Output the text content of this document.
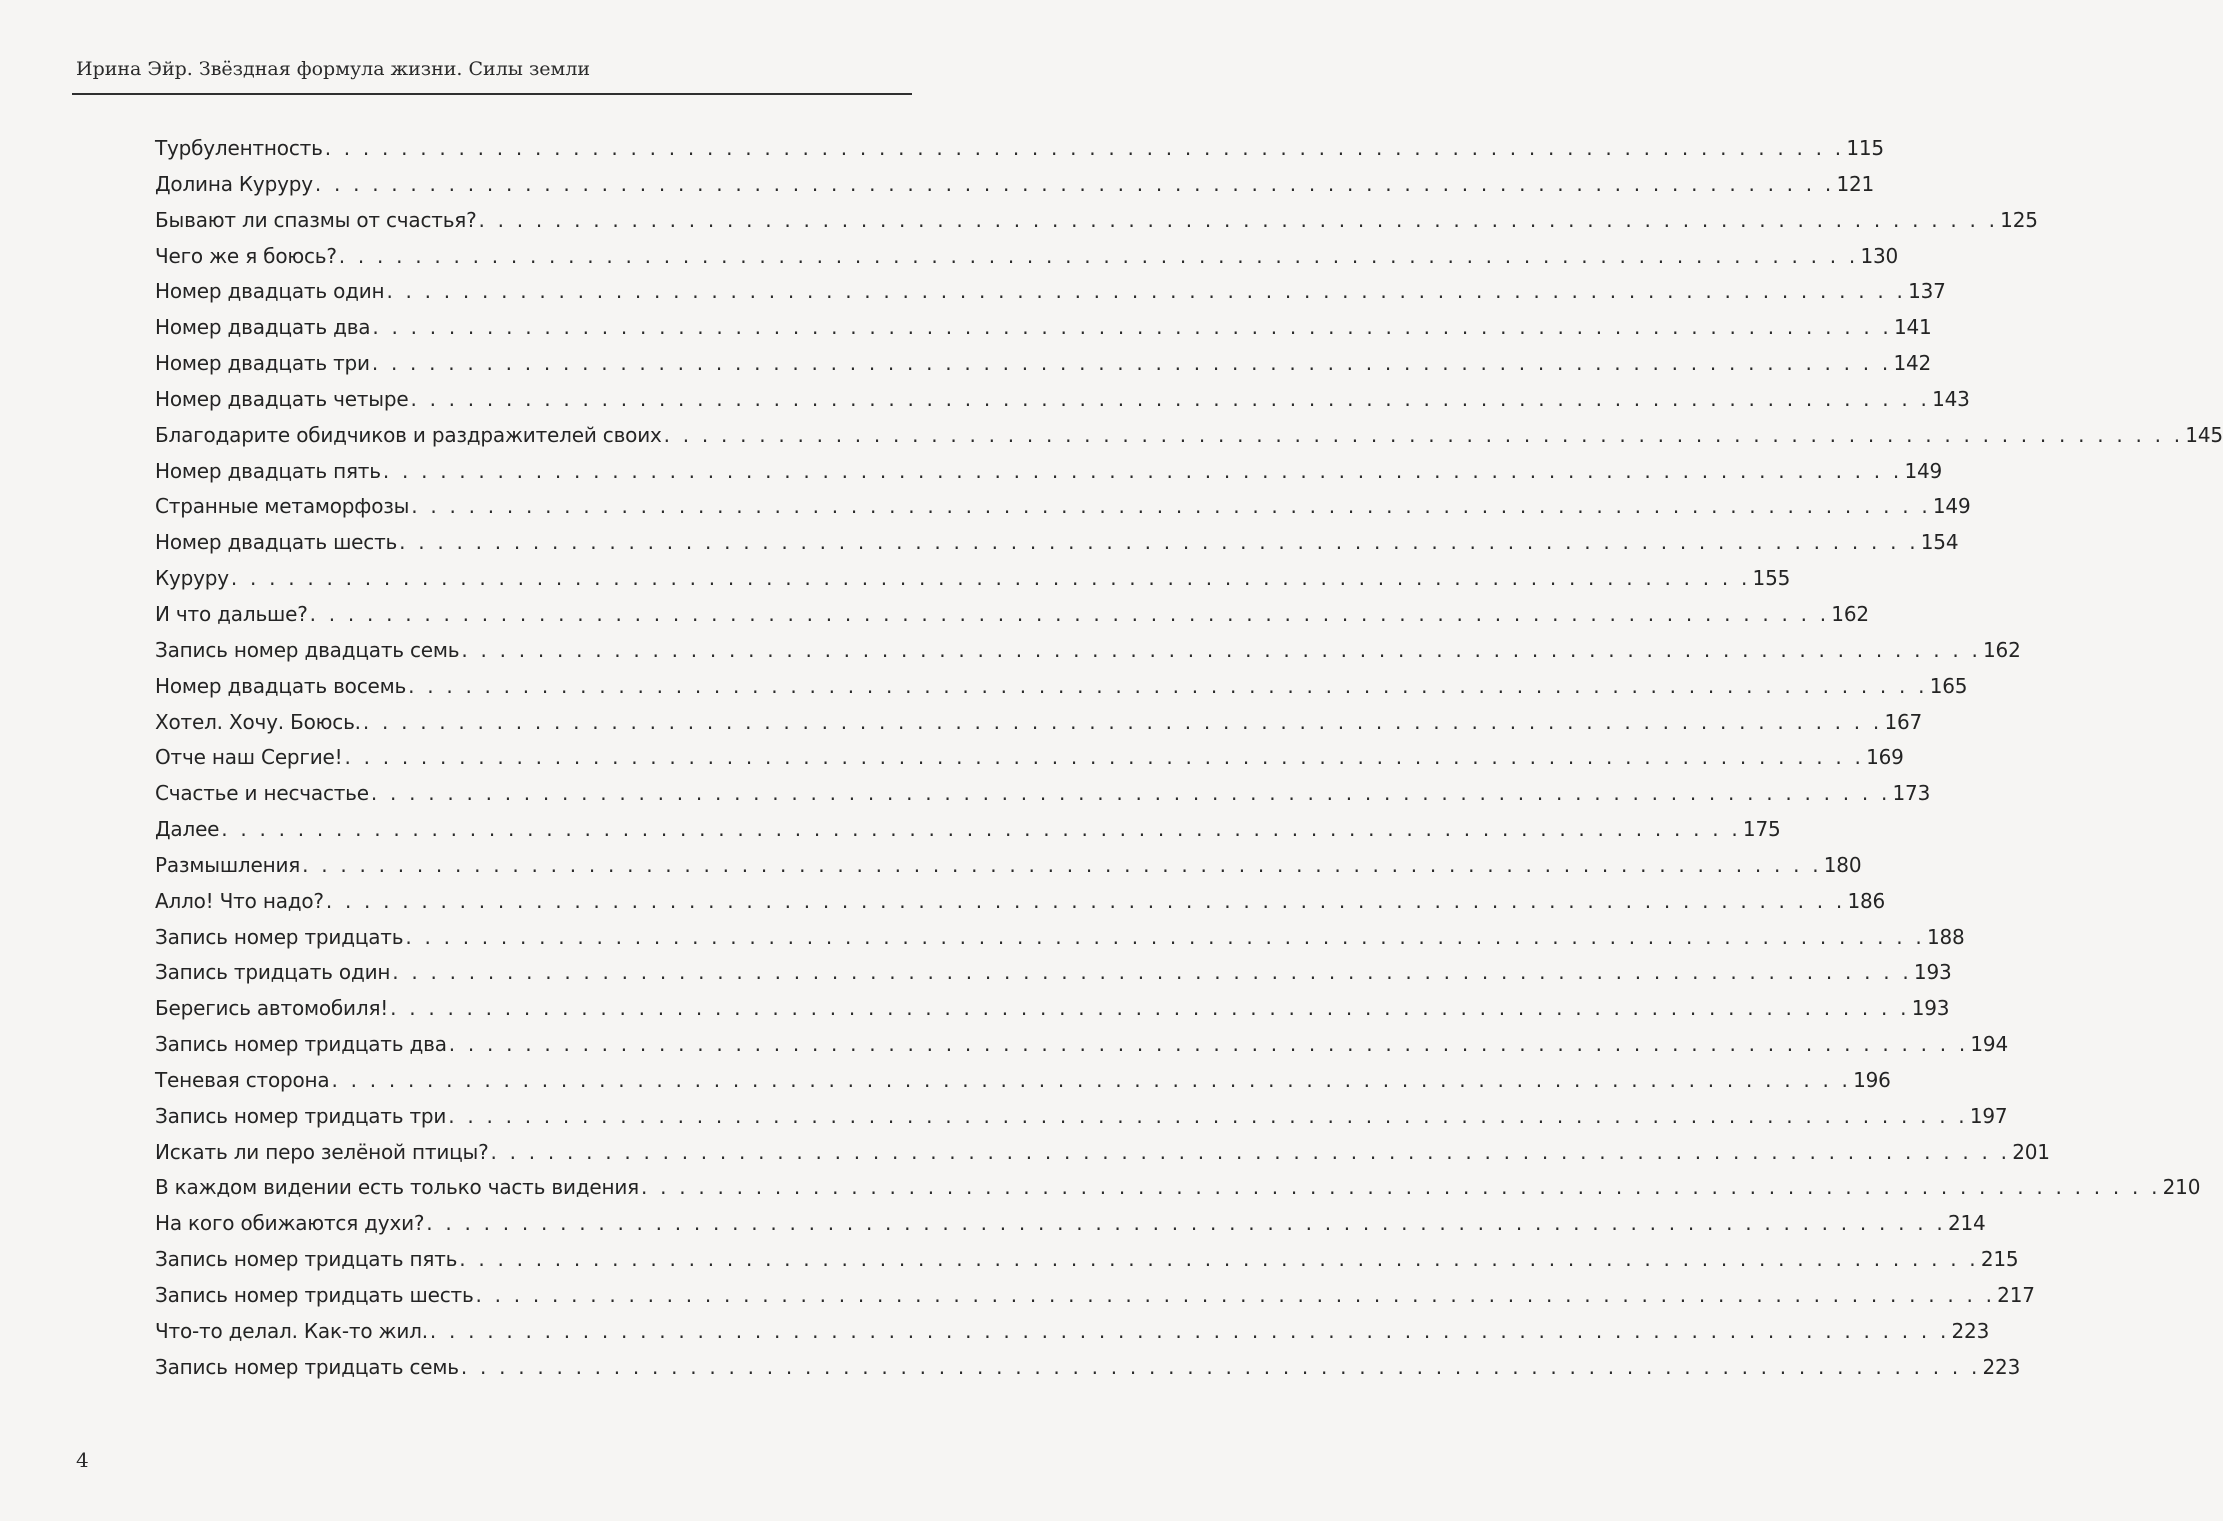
Ирина Эйр. Звёздная формула жизни. Силы земли
Турбулентность . . . . . . . . . . . . . . . . . . . . . . . . . . . . . . . . . . . . . . . . . . . . . . . . . . . . . . . . . . . . . . . . . . . . . . . . . . . . . . . . 115
Долина Куруру . . . . . . . . . . . . . . . . . . . . . . . . . . . . . . . . . . . . . . . . . . . . . . . . . . . . . . . . . . . . . . . . . . . . . . . . . . . . . . . . 121
Бывают ли спазмы от счастья? . . . . . . . . . . . . . . . . . . . . . . . . . . . . . . . . . . . . . . . . . . . . . . . . . . . . . . . . . . . . . . . . . . . . . . . . . . . . . . . . 125
Чего же я боюсь? . . . . . . . . . . . . . . . . . . . . . . . . . . . . . . . . . . . . . . . . . . . . . . . . . . . . . . . . . . . . . . . . . . . . . . . . . . . . . . . . 130
Номер двадцать один . . . . . . . . . . . . . . . . . . . . . . . . . . . . . . . . . . . . . . . . . . . . . . . . . . . . . . . . . . . . . . . . . . . . . . . . . . . . . . . . 137
Номер двадцать два . . . . . . . . . . . . . . . . . . . . . . . . . . . . . . . . . . . . . . . . . . . . . . . . . . . . . . . . . . . . . . . . . . . . . . . . . . . . . . . . 141
Номер двадцать три . . . . . . . . . . . . . . . . . . . . . . . . . . . . . . . . . . . . . . . . . . . . . . . . . . . . . . . . . . . . . . . . . . . . . . . . . . . . . . . . 142
Номер двадцать четыре . . . . . . . . . . . . . . . . . . . . . . . . . . . . . . . . . . . . . . . . . . . . . . . . . . . . . . . . . . . . . . . . . . . . . . . . . . . . . . . . 143
Благодарите обидчиков и раздражителей своих . . . . . . . . . . . . . . . . . . . . . . . . . . . . . . . . . . . . . . . . . . . . . . . . . . . . . . . . . . . . . . . . . . . . . . . . . . . . . . . . 145
Номер двадцать пять . . . . . . . . . . . . . . . . . . . . . . . . . . . . . . . . . . . . . . . . . . . . . . . . . . . . . . . . . . . . . . . . . . . . . . . . . . . . . . . . 149
Странные метаморфозы . . . . . . . . . . . . . . . . . . . . . . . . . . . . . . . . . . . . . . . . . . . . . . . . . . . . . . . . . . . . . . . . . . . . . . . . . . . . . . . . 149
Номер двадцать шесть . . . . . . . . . . . . . . . . . . . . . . . . . . . . . . . . . . . . . . . . . . . . . . . . . . . . . . . . . . . . . . . . . . . . . . . . . . . . . . . . 154
Куруру . . . . . . . . . . . . . . . . . . . . . . . . . . . . . . . . . . . . . . . . . . . . . . . . . . . . . . . . . . . . . . . . . . . . . . . . . . . . . . . . 155
И что дальше? . . . . . . . . . . . . . . . . . . . . . . . . . . . . . . . . . . . . . . . . . . . . . . . . . . . . . . . . . . . . . . . . . . . . . . . . . . . . . . . . 162
Запись номер двадцать семь . . . . . . . . . . . . . . . . . . . . . . . . . . . . . . . . . . . . . . . . . . . . . . . . . . . . . . . . . . . . . . . . . . . . . . . . . . . . . . . . 162
Номер двадцать восемь . . . . . . . . . . . . . . . . . . . . . . . . . . . . . . . . . . . . . . . . . . . . . . . . . . . . . . . . . . . . . . . . . . . . . . . . . . . . . . . . 165
Хотел. Хочу. Боюсь. . . . . . . . . . . . . . . . . . . . . . . . . . . . . . . . . . . . . . . . . . . . . . . . . . . . . . . . . . . . . . . . . . . . . . . . . . . . . . . . . 167
Отче наш Сергие! . . . . . . . . . . . . . . . . . . . . . . . . . . . . . . . . . . . . . . . . . . . . . . . . . . . . . . . . . . . . . . . . . . . . . . . . . . . . . . . . 169
Счастье и несчастье . . . . . . . . . . . . . . . . . . . . . . . . . . . . . . . . . . . . . . . . . . . . . . . . . . . . . . . . . . . . . . . . . . . . . . . . . . . . . . . . 173
Далее . . . . . . . . . . . . . . . . . . . . . . . . . . . . . . . . . . . . . . . . . . . . . . . . . . . . . . . . . . . . . . . . . . . . . . . . . . . . . . . . 175
Размышления . . . . . . . . . . . . . . . . . . . . . . . . . . . . . . . . . . . . . . . . . . . . . . . . . . . . . . . . . . . . . . . . . . . . . . . . . . . . . . . . 180
Алло! Что надо? . . . . . . . . . . . . . . . . . . . . . . . . . . . . . . . . . . . . . . . . . . . . . . . . . . . . . . . . . . . . . . . . . . . . . . . . . . . . . . . . 186
Запись номер тридцать . . . . . . . . . . . . . . . . . . . . . . . . . . . . . . . . . . . . . . . . . . . . . . . . . . . . . . . . . . . . . . . . . . . . . . . . . . . . . . . . 188
Запись тридцать один . . . . . . . . . . . . . . . . . . . . . . . . . . . . . . . . . . . . . . . . . . . . . . . . . . . . . . . . . . . . . . . . . . . . . . . . . . . . . . . . 193
Берегись автомобиля! . . . . . . . . . . . . . . . . . . . . . . . . . . . . . . . . . . . . . . . . . . . . . . . . . . . . . . . . . . . . . . . . . . . . . . . . . . . . . . . . 193
Запись номер тридцать два . . . . . . . . . . . . . . . . . . . . . . . . . . . . . . . . . . . . . . . . . . . . . . . . . . . . . . . . . . . . . . . . . . . . . . . . . . . . . . . . 194
Теневая сторона . . . . . . . . . . . . . . . . . . . . . . . . . . . . . . . . . . . . . . . . . . . . . . . . . . . . . . . . . . . . . . . . . . . . . . . . . . . . . . . . 196
Запись номер тридцать три . . . . . . . . . . . . . . . . . . . . . . . . . . . . . . . . . . . . . . . . . . . . . . . . . . . . . . . . . . . . . . . . . . . . . . . . . . . . . . . . 197
Искать ли перо зелёной птицы? . . . . . . . . . . . . . . . . . . . . . . . . . . . . . . . . . . . . . . . . . . . . . . . . . . . . . . . . . . . . . . . . . . . . . . . . . . . . . . . . 201
В каждом видении есть только часть видения . . . . . . . . . . . . . . . . . . . . . . . . . . . . . . . . . . . . . . . . . . . . . . . . . . . . . . . . . . . . . . . . . . . . . . . . . . . . . . . . 210
На кого обижаются духи? . . . . . . . . . . . . . . . . . . . . . . . . . . . . . . . . . . . . . . . . . . . . . . . . . . . . . . . . . . . . . . . . . . . . . . . . . . . . . . . . 214
Запись номер тридцать пять . . . . . . . . . . . . . . . . . . . . . . . . . . . . . . . . . . . . . . . . . . . . . . . . . . . . . . . . . . . . . . . . . . . . . . . . . . . . . . . . 215
Запись номер тридцать шесть . . . . . . . . . . . . . . . . . . . . . . . . . . . . . . . . . . . . . . . . . . . . . . . . . . . . . . . . . . . . . . . . . . . . . . . . . . . . . . . . 217
Что-то делал. Как-то жил. . . . . . . . . . . . . . . . . . . . . . . . . . . . . . . . . . . . . . . . . . . . . . . . . . . . . . . . . . . . . . . . . . . . . . . . . . . . . . . . . 223
Запись номер тридцать семь . . . . . . . . . . . . . . . . . . . . . . . . . . . . . . . . . . . . . . . . . . . . . . . . . . . . . . . . . . . . . . . . . . . . . . . . . . . . . . . . 223
4
